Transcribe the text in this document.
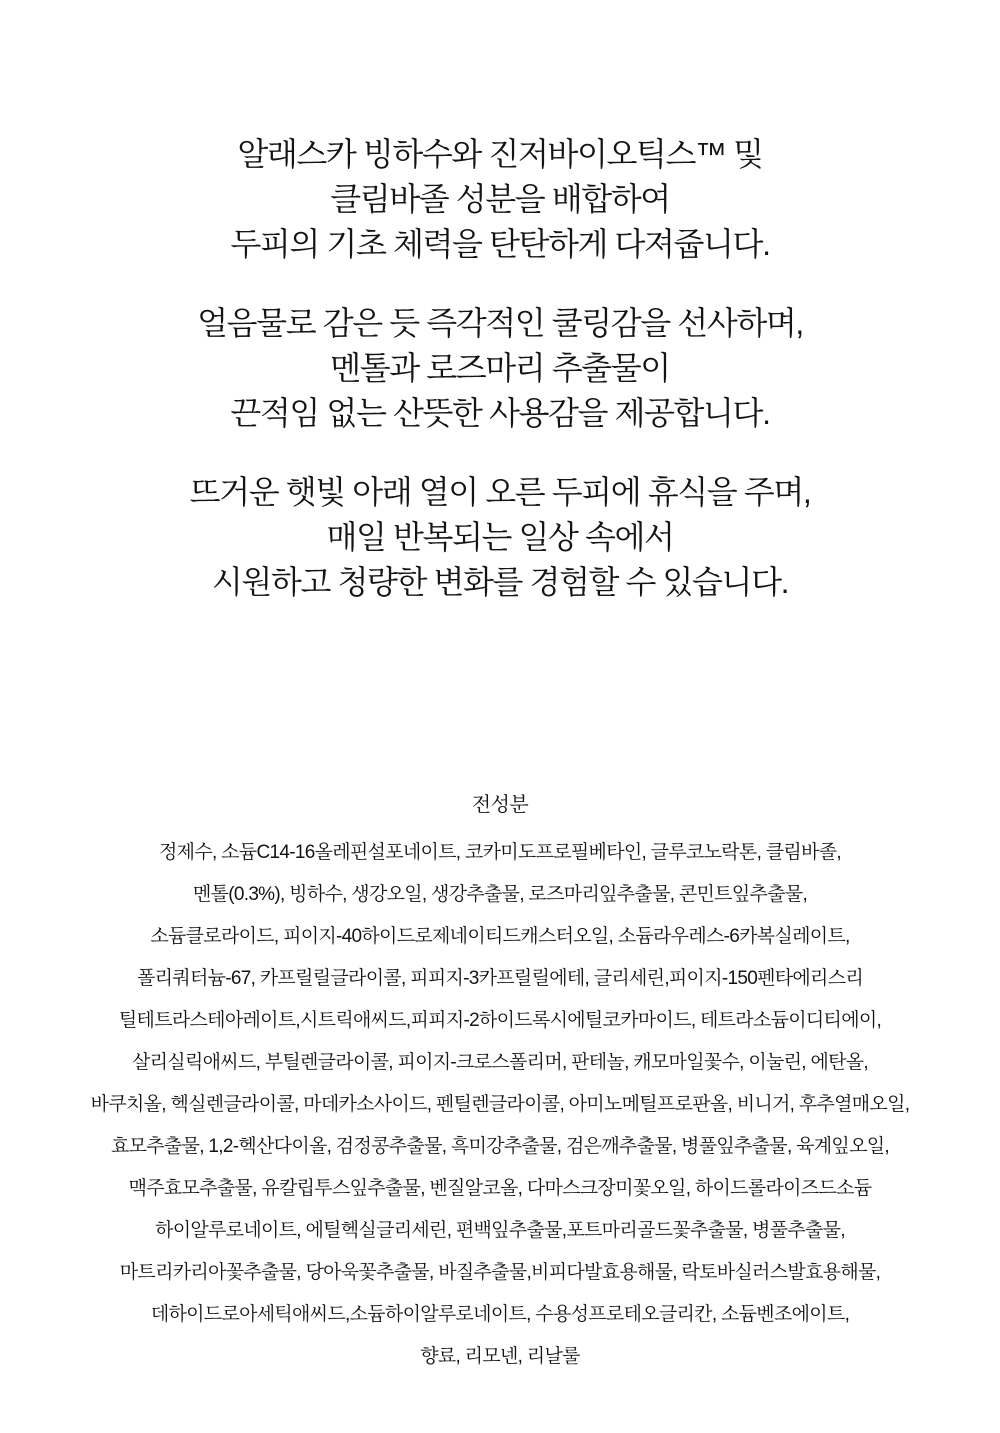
알래스카 빙하수와 진저바이오틱스™ 및
클림바졸 성분을 배합하여
두피의 기초 체력을 탄탄하게 다져줍니다.

얼음물로 감은 듯 즉각적인 쿨링감을 선사하며,
멘톨과 로즈마리 추출물이
끈적임 없는 산뜻한 사용감을 제공합니다.

뜨거운 햇빛 아래 열이 오른 두피에 휴식을 주며,
매일 반복되는 일상 속에서
시원하고 청량한 변화를 경험할 수 있습니다.

전성분
정제수, 소듐C14-16올레핀설포네이트, 코카미도프로필베타인, 글루코노락톤, 클림바졸,
멘톨(0.3%), 빙하수, 생강오일, 생강추출물, 로즈마리잎추출물, 콘민트잎추출물,
소듐클로라이드, 피이지-40하이드로제네이티드캐스터오일, 소듐라우레스-6카복실레이트,
폴리쿼터늄-67, 카프릴릴글라이콜, 피피지-3카프릴릴에테, 글리세린,피이지-150펜타에리스리
틸테트라스테아레이트,시트릭애씨드,피피지-2하이드록시에틸코카마이드, 테트라소듐이디티에이,
살리실릭애씨드, 부틸렌글라이콜, 피이지-크로스폴리머, 판테놀, 캐모마일꽃수, 이눌린, 에탄올,
바쿠치올, 헥실렌글라이콜, 마데카소사이드, 펜틸렌글라이콜, 아미노메틸프로판올, 비니거, 후추열매오일,
효모추출물, 1,2-헥산다이올, 검정콩추출물, 흑미강추출물, 검은깨추출물, 병풀잎추출물, 육계잎오일,
맥주효모추출물, 유칼립투스잎추출물, 벤질알코올, 다마스크장미꽃오일, 하이드롤라이즈드소듐
하이알루로네이트, 에틸헥실글리세린, 편백잎추출물,포트마리골드꽃추출물, 병풀추출물,
마트리카리아꽃추출물, 당아욱꽃추출물, 바질추출물,비피다발효용해물, 락토바실러스발효용해물,
데하이드로아세틱애씨드,소듐하이알루로네이트, 수용성프로테오글리칸, 소듐벤조에이트,
향료, 리모넨, 리날룰
